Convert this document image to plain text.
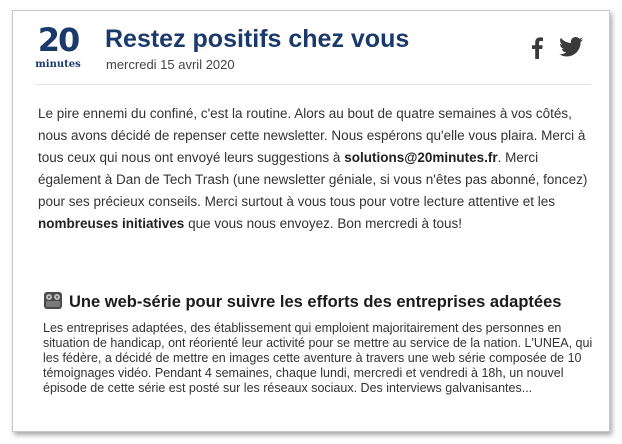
20
minutes
Restez positifs chez vous
mercredi 15 avril 2020
Le pire ennemi du confiné, c'est la routine. Alors au bout de quatre semaines à vos côtés, nous avons décidé de repenser cette newsletter. Nous espérons qu'elle vous plaira. Merci à tous ceux qui nous ont envoyé leurs suggestions à solutions@20minutes.fr. Merci également à Dan de Tech Trash (une newsletter géniale, si vous n'êtes pas abonné, foncez) pour ses précieux conseils. Merci surtout à vous tous pour votre lecture attentive et les nombreuses initiatives que vous nous envoyez. Bon mercredi à tous!
Une web-série pour suivre les efforts des entreprises adaptées
Les entreprises adaptées, des établissement qui emploient majoritairement des personnes en situation de handicap, ont réorienté leur activité pour se mettre au service de la nation. L'UNEA, qui les fédère, a décidé de mettre en images cette aventure à travers une web série composée de 10 témoignages vidéo. Pendant 4 semaines, chaque lundi, mercredi et vendredi à 18h, un nouvel épisode de cette série est posté sur les réseaux sociaux. Des interviews galvanisantes...
